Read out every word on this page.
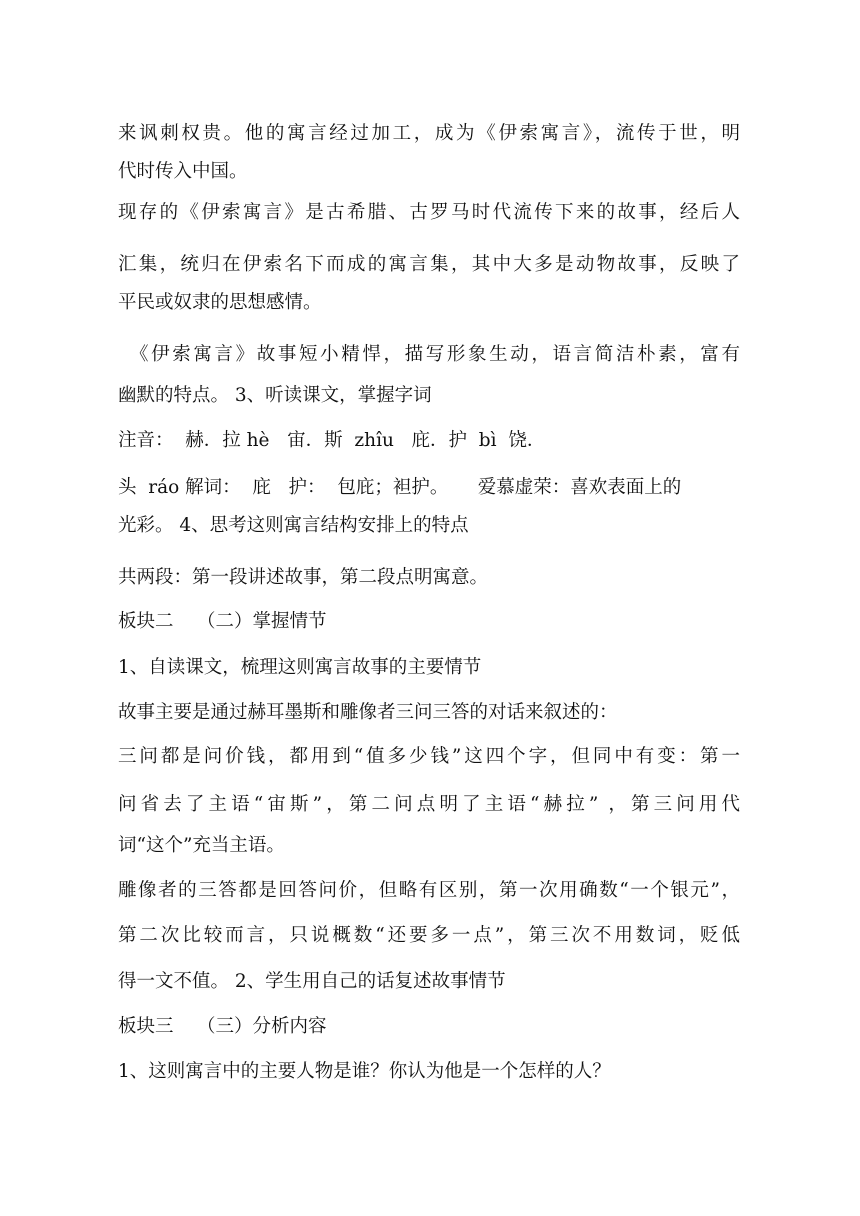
来讽刺权贵。他的寓言经过加工，成为《伊索寓言》，流传于世，明
代时传入中国。
现存的《伊索寓言》是古希腊、古罗马时代流传下来的故事，经后人
汇集，统归在伊索名下而成的寓言集，其中大多是动物故事，反映了
平民或奴隶的思想感情。
《伊索寓言》故事短小精悍，描写形象生动，语言简洁朴素，富有
幽默的特点。 3、听读课文，掌握字词
注音：  赫．拉 hè   宙．斯  zhîu   庇．护  bì  饶．
头  ráo 解词：  庇   护：  包庇；袒护。     爱慕虚荣：喜欢表面上的
光彩。 4、思考这则寓言结构安排上的特点
共两段：第一段讲述故事，第二段点明寓意。
板块二    （二）掌握情节
1、自读课文，梳理这则寓言故事的主要情节
故事主要是通过赫耳墨斯和雕像者三问三答的对话来叙述的：
三问都是问价钱，都用到“值多少钱”这四个字，但同中有变：第一
问省去了主语“宙斯”，第二问点明了主语“赫拉” ，第三问用代
词“这个”充当主语。
雕像者的三答都是回答问价，但略有区别，第一次用确数“一个银元”，
第二次比较而言，只说概数“还要多一点”，第三次不用数词，贬低
得一文不值。 2、学生用自己的话复述故事情节
板块三    （三）分析内容
1、这则寓言中的主要人物是谁？你认为他是一个怎样的人？
